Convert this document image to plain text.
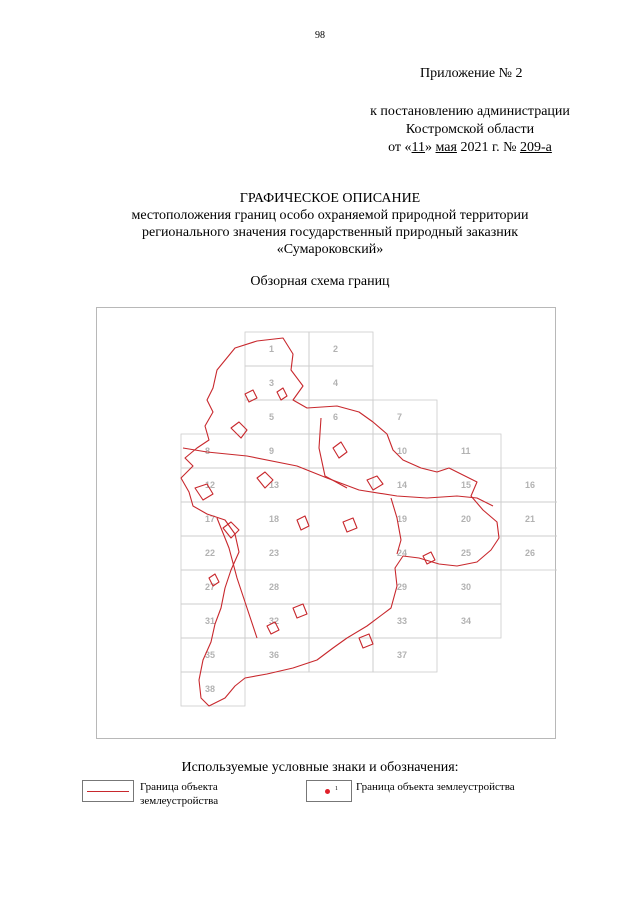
98
Приложение № 2
к постановлению администрации
Костромской области
от «11» мая 2021 г. № 209-а
ГРАФИЧЕСКОЕ ОПИСАНИЕ
местоположения границ особо охраняемой природной территории
регионального значения государственный природный заказник
«Сумароковский»
Обзорная схема границ
1	2
3	4
5	6	7
8	9	10	11
12	13	14	15	16
17	18	19	20	21
22	23	24	25	26
27	28	29	30
31	32	33	34
35	36	37
38
Используемые условные знаки и обозначения:
Граница объекта
землеустройства
1 Граница объекта землеустройства
